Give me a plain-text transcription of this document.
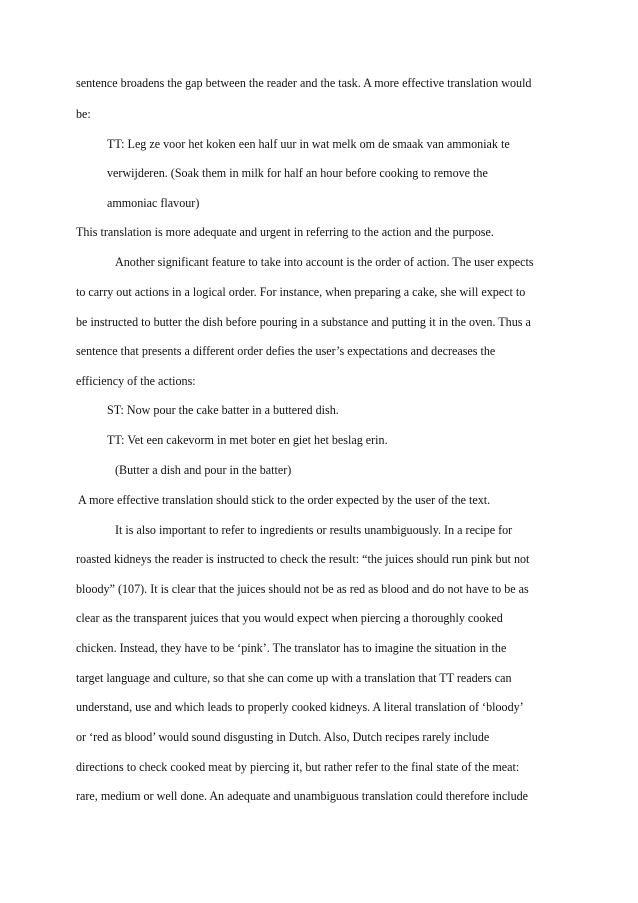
sentence broadens the gap between the reader and the task. A more effective translation would

be:

TT: Leg ze voor het koken een half uur in wat melk om de smaak van ammoniak te

verwijderen. (Soak them in milk for half an hour before cooking to remove the

ammoniac flavour)

This translation is more adequate and urgent in referring to the action and the purpose.

Another significant feature to take into account is the order of action. The user expects

to carry out actions in a logical order. For instance, when preparing a cake, she will expect to

be instructed to butter the dish before pouring in a substance and putting it in the oven. Thus a

sentence that presents a different order defies the user’s expectations and decreases the

efficiency of the actions:

ST: Now pour the cake batter in a buttered dish.

TT: Vet een cakevorm in met boter en giet het beslag erin.

(Butter a dish and pour in the batter)

A more effective translation should stick to the order expected by the user of the text.

It is also important to refer to ingredients or results unambiguously. In a recipe for

roasted kidneys the reader is instructed to check the result: “the juices should run pink but not

bloody” (107). It is clear that the juices should not be as red as blood and do not have to be as

clear as the transparent juices that you would expect when piercing a thoroughly cooked

chicken. Instead, they have to be ‘pink’. The translator has to imagine the situation in the

target language and culture, so that she can come up with a translation that TT readers can

understand, use and which leads to properly cooked kidneys. A literal translation of ‘bloody’

or ‘red as blood’ would sound disgusting in Dutch. Also, Dutch recipes rarely include

directions to check cooked meat by piercing it, but rather refer to the final state of the meat:

rare, medium or well done. An adequate and unambiguous translation could therefore include
